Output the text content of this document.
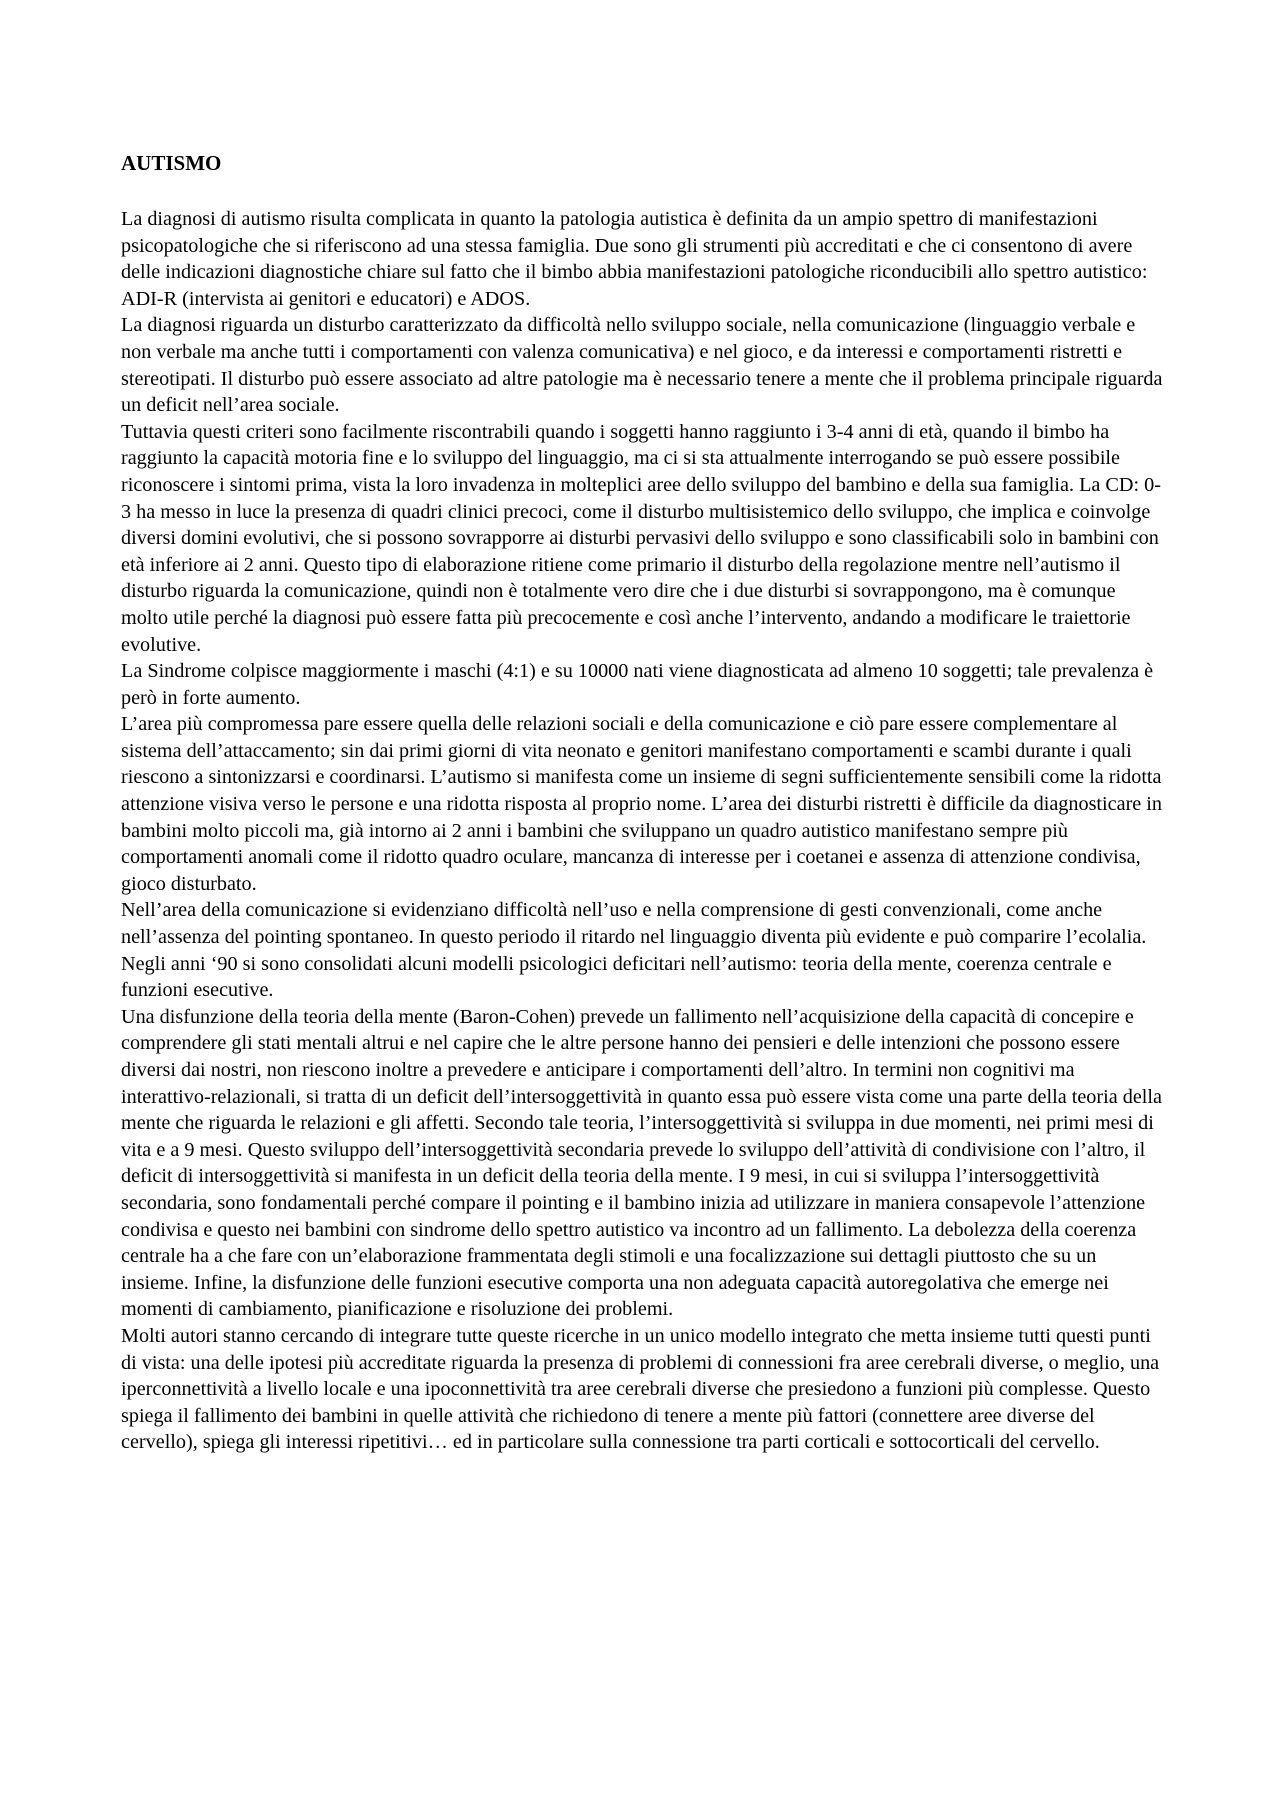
AUTISMO

La diagnosi di autismo risulta complicata in quanto la patologia autistica è definita da un ampio spettro di manifestazioni psicopatologiche che si riferiscono ad una stessa famiglia. Due sono gli strumenti più accreditati e che ci consentono di avere delle indicazioni diagnostiche chiare sul fatto che il bimbo abbia manifestazioni patologiche riconducibili allo spettro autistico: ADI-R (intervista ai genitori e educatori) e ADOS.

La diagnosi riguarda un disturbo caratterizzato da difficoltà nello sviluppo sociale, nella comunicazione (linguaggio verbale e non verbale ma anche tutti i comportamenti con valenza comunicativa) e nel gioco, e da interessi e comportamenti ristretti e stereotipati. Il disturbo può essere associato ad altre patologie ma è necessario tenere a mente che il problema principale riguarda un deficit nell’area sociale.

Tuttavia questi criteri sono facilmente riscontrabili quando i soggetti hanno raggiunto i 3-4 anni di età, quando il bimbo ha raggiunto la capacità motoria fine e lo sviluppo del linguaggio, ma ci si sta attualmente interrogando se può essere possibile riconoscere i sintomi prima, vista la loro invadenza in molteplici aree dello sviluppo del bambino e della sua famiglia. La CD: 0-3 ha messo in luce la presenza di quadri clinici precoci, come il disturbo multisistemico dello sviluppo, che implica e coinvolge diversi domini evolutivi, che si possono sovrapporre ai disturbi pervasivi dello sviluppo e sono classificabili solo in bambini con età inferiore ai 2 anni. Questo tipo di elaborazione ritiene come primario il disturbo della regolazione mentre nell’autismo il disturbo riguarda la comunicazione, quindi non è totalmente vero dire che i due disturbi si sovrappongono, ma è comunque molto utile perché la diagnosi può essere fatta più precocemente e così anche l’intervento, andando a modificare le traiettorie evolutive.

La Sindrome colpisce maggiormente i maschi (4:1) e su 10000 nati viene diagnosticata ad almeno 10 soggetti; tale prevalenza è però in forte aumento.

L’area più compromessa pare essere quella delle relazioni sociali e della comunicazione e ciò pare essere complementare al sistema dell’attaccamento; sin dai primi giorni di vita neonato e genitori manifestano comportamenti e scambi durante i quali riescono a sintonizzarsi e coordinarsi. L’autismo si manifesta come un insieme di segni sufficientemente sensibili come la ridotta attenzione visiva verso le persone e una ridotta risposta al proprio nome. L’area dei disturbi ristretti è difficile da diagnosticare in bambini molto piccoli ma, già intorno ai 2 anni i bambini che sviluppano un quadro autistico manifestano sempre più comportamenti anomali come il ridotto quadro oculare, mancanza di interesse per i coetanei e assenza di attenzione condivisa, gioco disturbato.

Nell’area della comunicazione si evidenziano difficoltà nell’uso e nella comprensione di gesti convenzionali, come anche nell’assenza del pointing spontaneo. In questo periodo il ritardo nel linguaggio diventa più evidente e può comparire l’ecolalia.

Negli anni ‘90 si sono consolidati alcuni modelli psicologici deficitari nell’autismo: teoria della mente, coerenza centrale e funzioni esecutive.

Una disfunzione della teoria della mente (Baron-Cohen) prevede un fallimento nell’acquisizione della capacità di concepire e comprendere gli stati mentali altrui e nel capire che le altre persone hanno dei pensieri e delle intenzioni che possono essere diversi dai nostri, non riescono inoltre a prevedere e anticipare i comportamenti dell’altro. In termini non cognitivi ma interattivo-relazionali, si tratta di un deficit dell’intersoggettività in quanto essa può essere vista come una parte della teoria della mente che riguarda le relazioni e gli affetti. Secondo tale teoria, l’intersoggettività si sviluppa in due momenti, nei primi mesi di vita e a 9 mesi. Questo sviluppo dell’intersoggettività secondaria prevede lo sviluppo dell’attività di condivisione con l’altro, il deficit di intersoggettività si manifesta in un deficit della teoria della mente. I 9 mesi, in cui si sviluppa l’intersoggettività secondaria, sono fondamentali perché compare il pointing e il bambino inizia ad utilizzare in maniera consapevole l’attenzione condivisa e questo nei bambini con sindrome dello spettro autistico va incontro ad un fallimento. La debolezza della coerenza centrale ha a che fare con un’elaborazione frammentata degli stimoli e una focalizzazione sui dettagli piuttosto che su un insieme. Infine, la disfunzione delle funzioni esecutive comporta una non adeguata capacità autoregolativa che emerge nei momenti di cambiamento, pianificazione e risoluzione dei problemi.

Molti autori stanno cercando di integrare tutte queste ricerche in un unico modello integrato che metta insieme tutti questi punti di vista: una delle ipotesi più accreditate riguarda la presenza di problemi di connessioni fra aree cerebrali diverse, o meglio, una iperconnettività a livello locale e una ipoconnettività tra aree cerebrali diverse che presiedono a funzioni più complesse. Questo spiega il fallimento dei bambini in quelle attività che richiedono di tenere a mente più fattori (connettere aree diverse del cervello), spiega gli interessi ripetitivi… ed in particolare sulla connessione tra parti corticali e sottocorticali del cervello.
